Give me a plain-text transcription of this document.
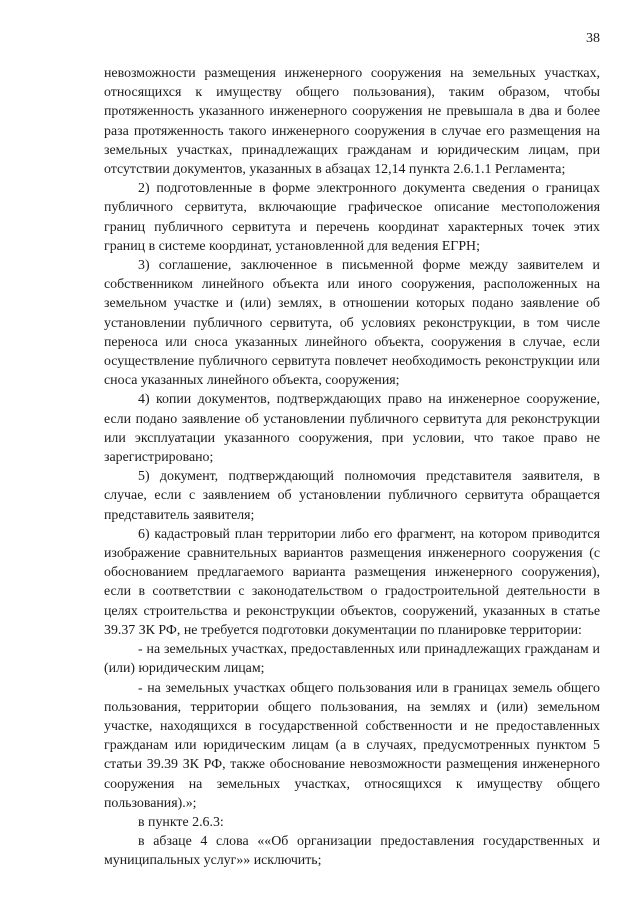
38

невозможности размещения инженерного сооружения на земельных участках, относящихся к имуществу общего пользования), таким образом, чтобы протяженность указанного инженерного сооружения не превышала в два и более раза протяженность такого инженерного сооружения в случае его размещения на земельных участках, принадлежащих гражданам и юридическим лицам, при отсутствии документов, указанных в абзацах 12,14 пункта 2.6.1.1 Регламента;

2) подготовленные в форме электронного документа сведения о границах публичного сервитута, включающие графическое описание местоположения границ публичного сервитута и перечень координат характерных точек этих границ в системе координат, установленной для ведения ЕГРН;

3) соглашение, заключенное в письменной форме между заявителем и собственником линейного объекта или иного сооружения, расположенных на земельном участке и (или) землях, в отношении которых подано заявление об установлении публичного сервитута, об условиях реконструкции, в том числе переноса или сноса указанных линейного объекта, сооружения в случае, если осуществление публичного сервитута повлечет необходимость реконструкции или сноса указанных линейного объекта, сооружения;

4) копии документов, подтверждающих право на инженерное сооружение, если подано заявление об установлении публичного сервитута для реконструкции или эксплуатации указанного сооружения, при условии, что такое право не зарегистрировано;

5) документ, подтверждающий полномочия представителя заявителя, в случае, если с заявлением об установлении публичного сервитута обращается представитель заявителя;

6) кадастровый план территории либо его фрагмент, на котором приводится изображение сравнительных вариантов размещения инженерного сооружения (с обоснованием предлагаемого варианта размещения инженерного сооружения), если в соответствии с законодательством о градостроительной деятельности в целях строительства и реконструкции объектов, сооружений, указанных в статье 39.37 ЗК РФ, не требуется подготовки документации по планировке территории:

- на земельных участках, предоставленных или принадлежащих гражданам и (или) юридическим лицам;

- на земельных участках общего пользования или в границах земель общего пользования, территории общего пользования, на землях и (или) земельном участке, находящихся в государственной собственности и не предоставленных гражданам или юридическим лицам (а в случаях, предусмотренных пунктом 5 статьи 39.39 ЗК РФ, также обоснование невозможности размещения инженерного сооружения на земельных участках, относящихся к имуществу общего пользования).»;

в пункте 2.6.3:

в абзаце 4 слова ««Об организации предоставления государственных и муниципальных услуг»» исключить;
